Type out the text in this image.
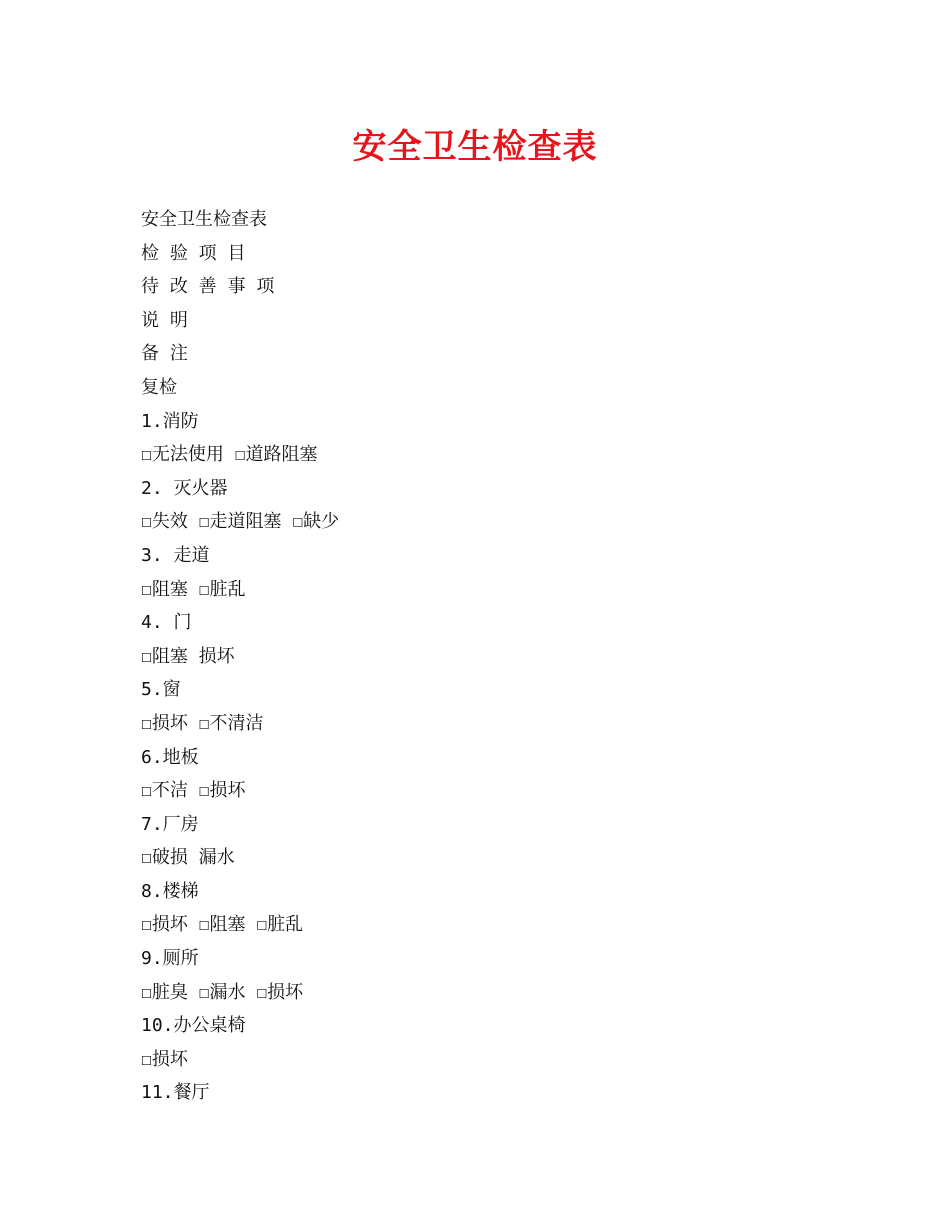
安全卫生检查表
安全卫生检查表
检 验 项 目
待 改 善 事 项
说 明
备 注
复检
1.消防
☐无法使用 ☐道路阻塞
2. 灭火器
☐失效 ☐走道阻塞 ☐缺少
3. 走道
☐阻塞 ☐脏乱
4. 门
☐阻塞 损坏
5.窗
☐损坏 ☐不清洁
6.地板
☐不洁 ☐损坏
7.厂房
☐破损 漏水
8.楼梯
☐损坏 ☐阻塞 ☐脏乱
9.厕所
☐脏臭 ☐漏水 ☐损坏
10.办公桌椅
☐损坏
11.餐厅
